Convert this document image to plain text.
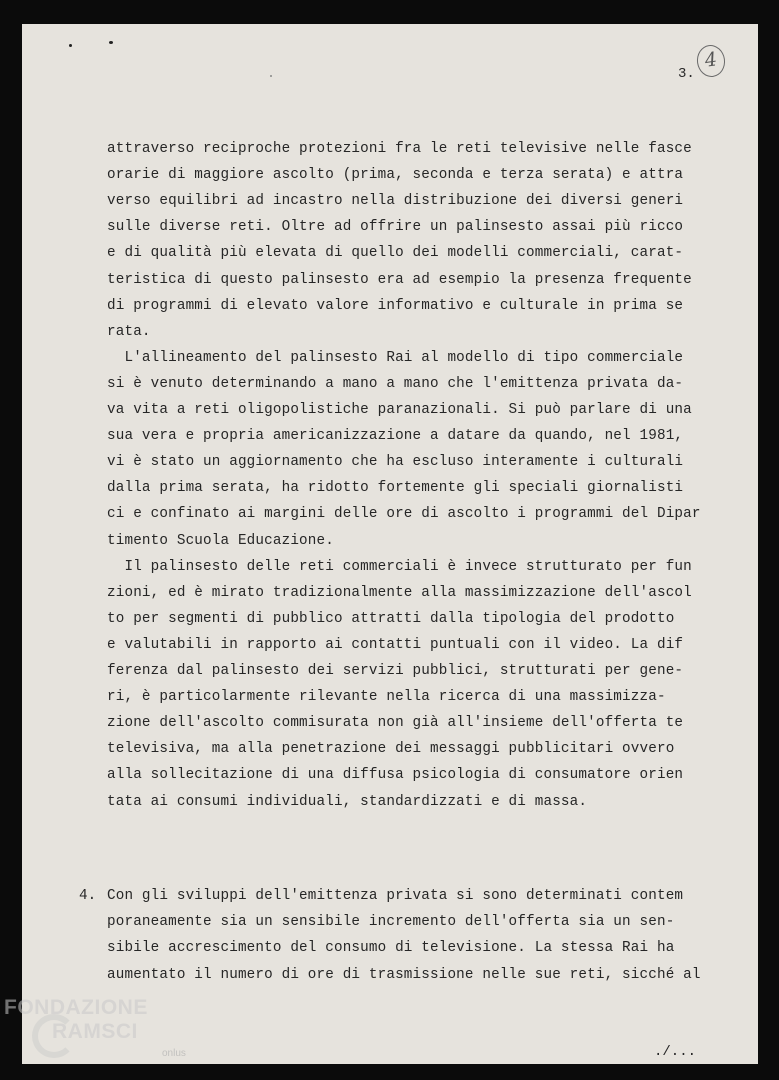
3.
4
attraverso reciproche protezioni fra le reti televisive nelle fasce
orarie di maggiore ascolto (prima, seconda e terza serata) e attra
verso equilibri ad incastro nella distribuzione dei diversi generi
sulle diverse reti. Oltre ad offrire un palinsesto assai più ricco
e di qualità più elevata di quello dei modelli commerciali, carat-
teristica di questo palinsesto era ad esempio la presenza frequente
di programmi di elevato valore informativo e culturale in prima se
rata.
L'allineamento del palinsesto Rai al modello di tipo commerciale
si è venuto determinando a mano a mano che l'emittenza privata da-
va vita a reti oligopolistiche paranazionali. Si può parlare di una
sua vera e propria americanizzazione a datare da quando, nel 1981,
vi è stato un aggiornamento che ha escluso interamente i culturali
dalla prima serata, ha ridotto fortemente gli speciali giornalisti
ci e confinato ai margini delle ore di ascolto i programmi del Dipar
timento Scuola Educazione.
Il palinsesto delle reti commerciali è invece strutturato per fun
zioni, ed è mirato tradizionalmente alla massimizzazione dell'ascol
to per segmenti di pubblico attratti dalla tipologia del prodotto
e valutabili in rapporto ai contatti puntuali con il video. La dif
ferenza dal palinsesto dei servizi pubblici, strutturati per gene-
ri, è particolarmente rilevante nella ricerca di una massimizza-
zione dell'ascolto commisurata non già all'insieme dell'offerta te
televisiva, ma alla penetrazione dei messaggi pubblicitari ovvero
alla sollecitazione di una diffusa psicologia di consumatore orien
tata ai consumi individuali, standardizzati e di massa.
4. Con gli sviluppi dell'emittenza privata si sono determinati contem
poraneamente sia un sensibile incremento dell'offerta sia un sen-
sibile accrescimento del consumo di televisione. La stessa Rai ha
aumentato il numero di ore di trasmissione nelle sue reti, sicché al
./...
FONDAZIONE
RAMSCI
onlus
